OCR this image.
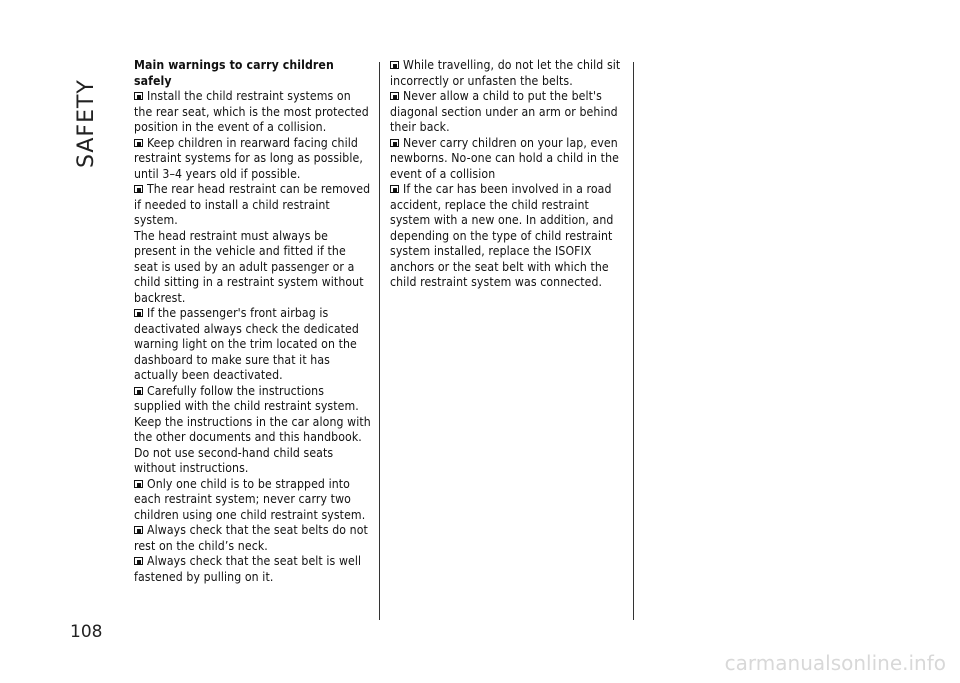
SAFETY

Main warnings to carry children safely

Install the child restraint systems on the rear seat, which is the most protected position in the event of a collision.

Keep children in rearward facing child restraint systems for as long as possible, until 3–4 years old if possible.

The rear head restraint can be removed if needed to install a child restraint system.

The head restraint must always be present in the vehicle and fitted if the seat is used by an adult passenger or a child sitting in a restraint system without backrest.

If the passenger's front airbag is deactivated always check the dedicated warning light on the trim located on the dashboard to make sure that it has actually been deactivated.

Carefully follow the instructions supplied with the child restraint system. Keep the instructions in the car along with the other documents and this handbook. Do not use second-hand child seats without instructions.

Only one child is to be strapped into each restraint system; never carry two children using one child restraint system.

Always check that the seat belts do not rest on the child’s neck.

Always check that the seat belt is well fastened by pulling on it.

While travelling, do not let the child sit incorrectly or unfasten the belts.

Never allow a child to put the belt's diagonal section under an arm or behind their back.

Never carry children on your lap, even newborns. No-one can hold a child in the event of a collision

If the car has been involved in a road accident, replace the child restraint system with a new one. In addition, and depending on the type of child restraint system installed, replace the ISOFIX anchors or the seat belt with which the child restraint system was connected.

108
carmanualsonline.info
